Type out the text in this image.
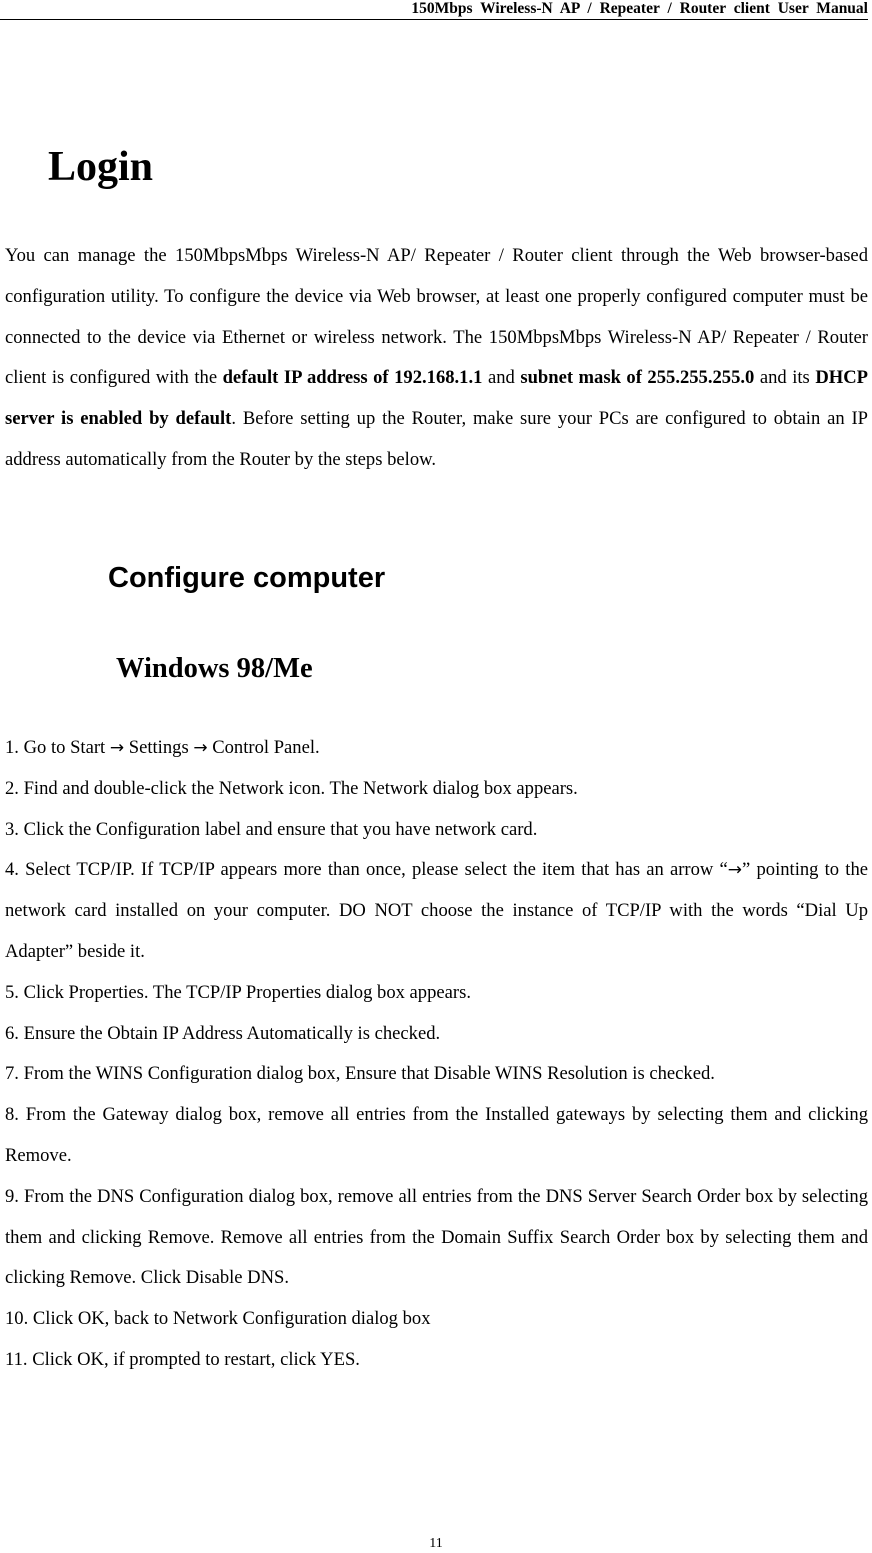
150Mbps Wireless-N AP / Repeater / Router client User Manual
Login

You can manage the 150MbpsMbps Wireless-N AP/ Repeater / Router client through the Web browser-based configuration utility. To configure the device via Web browser, at least one properly configured computer must be connected to the device via Ethernet or wireless network. The 150MbpsMbps Wireless-N AP/ Repeater / Router client is configured with the default IP address of 192.168.1.1 and subnet mask of 255.255.255.0 and its DHCP server is enabled by default. Before setting up the Router, make sure your PCs are configured to obtain an IP address automatically from the Router by the steps below.

Configure computer
Windows 98/Me
1. Go to Start → Settings → Control Panel.
2. Find and double-click the Network icon. The Network dialog box appears.
3. Click the Configuration label and ensure that you have network card.
4. Select TCP/IP. If TCP/IP appears more than once, please select the item that has an arrow “→” pointing to the network card installed on your computer. DO NOT choose the instance of TCP/IP with the words “Dial Up Adapter” beside it.
5. Click Properties. The TCP/IP Properties dialog box appears.
6. Ensure the Obtain IP Address Automatically is checked.
7. From the WINS Configuration dialog box, Ensure that Disable WINS Resolution is checked.
8. From the Gateway dialog box, remove all entries from the Installed gateways by selecting them and clicking Remove.
9. From the DNS Configuration dialog box, remove all entries from the DNS Server Search Order box by selecting them and clicking Remove. Remove all entries from the Domain Suffix Search Order box by selecting them and clicking Remove. Click Disable DNS.
10. Click OK, back to Network Configuration dialog box
11. Click OK, if prompted to restart, click YES.
11
